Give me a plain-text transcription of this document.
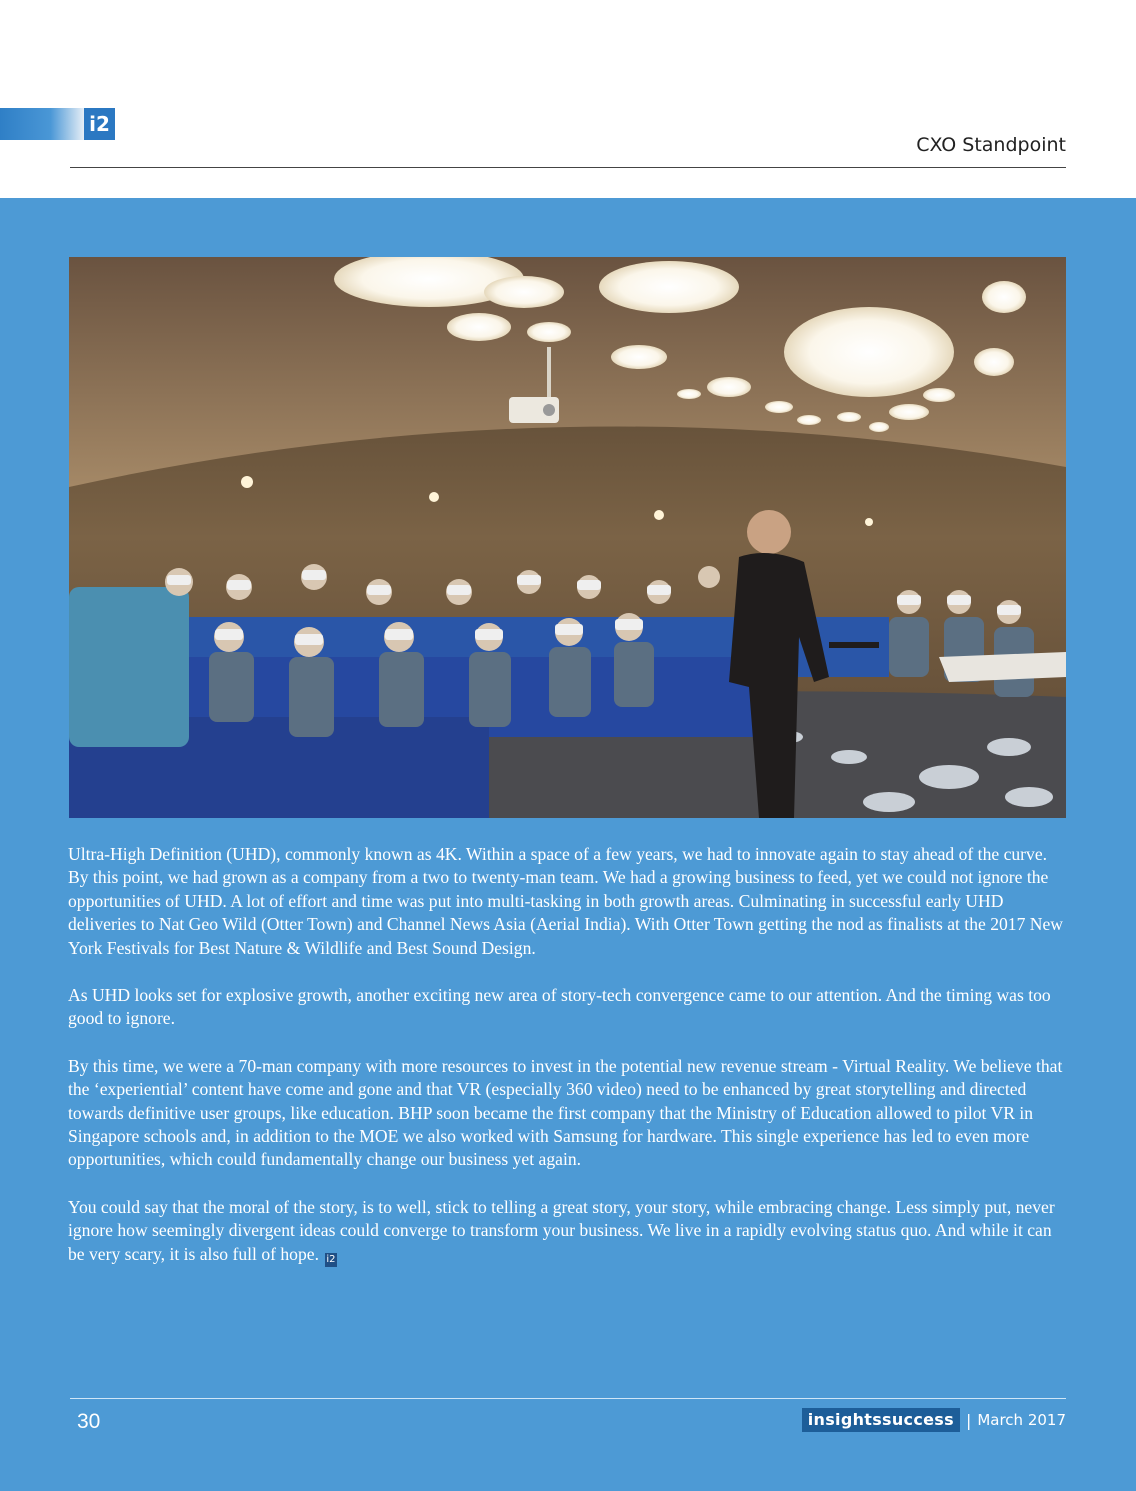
i2
CXO Standpoint

Ultra-High Definition (UHD), commonly known as 4K. Within a space of a few years, we had to innovate again to stay ahead of the curve. By this point, we had grown as a company from a two to twenty-man team. We had a growing business to feed, yet we could not ignore the opportunities of UHD. A lot of effort and time was put into multi-tasking in both growth areas. Culminating in successful early UHD deliveries to Nat Geo Wild (Otter Town) and Channel News Asia (Aerial India). With Otter Town getting the nod as finalists at the 2017 New York Festivals for Best Nature & Wildlife and Best Sound Design.

As UHD looks set for explosive growth, another exciting new area of story-tech convergence came to our attention. And the timing was too good to ignore.

By this time, we were a 70-man company with more resources to invest in the potential new revenue stream - Virtual Reality. We believe that the ‘experiential’ content have come and gone and that VR (especially 360 video) need to be enhanced by great storytelling and directed towards definitive user groups, like education. BHP soon became the first company that the Ministry of Education allowed to pilot VR in Singapore schools and, in addition to the MOE we also worked with Samsung for hardware. This single experience has led to even more opportunities, which could fundamentally change our business yet again.

You could say that the moral of the story, is to well, stick to telling a great story, your story, while embracing change. Less simply put, never ignore how seemingly divergent ideas could converge to transform your business. We live in a rapidly evolving status quo. And while it can be very scary, it is also full of hope. i2

30	insightssuccess | March 2017
